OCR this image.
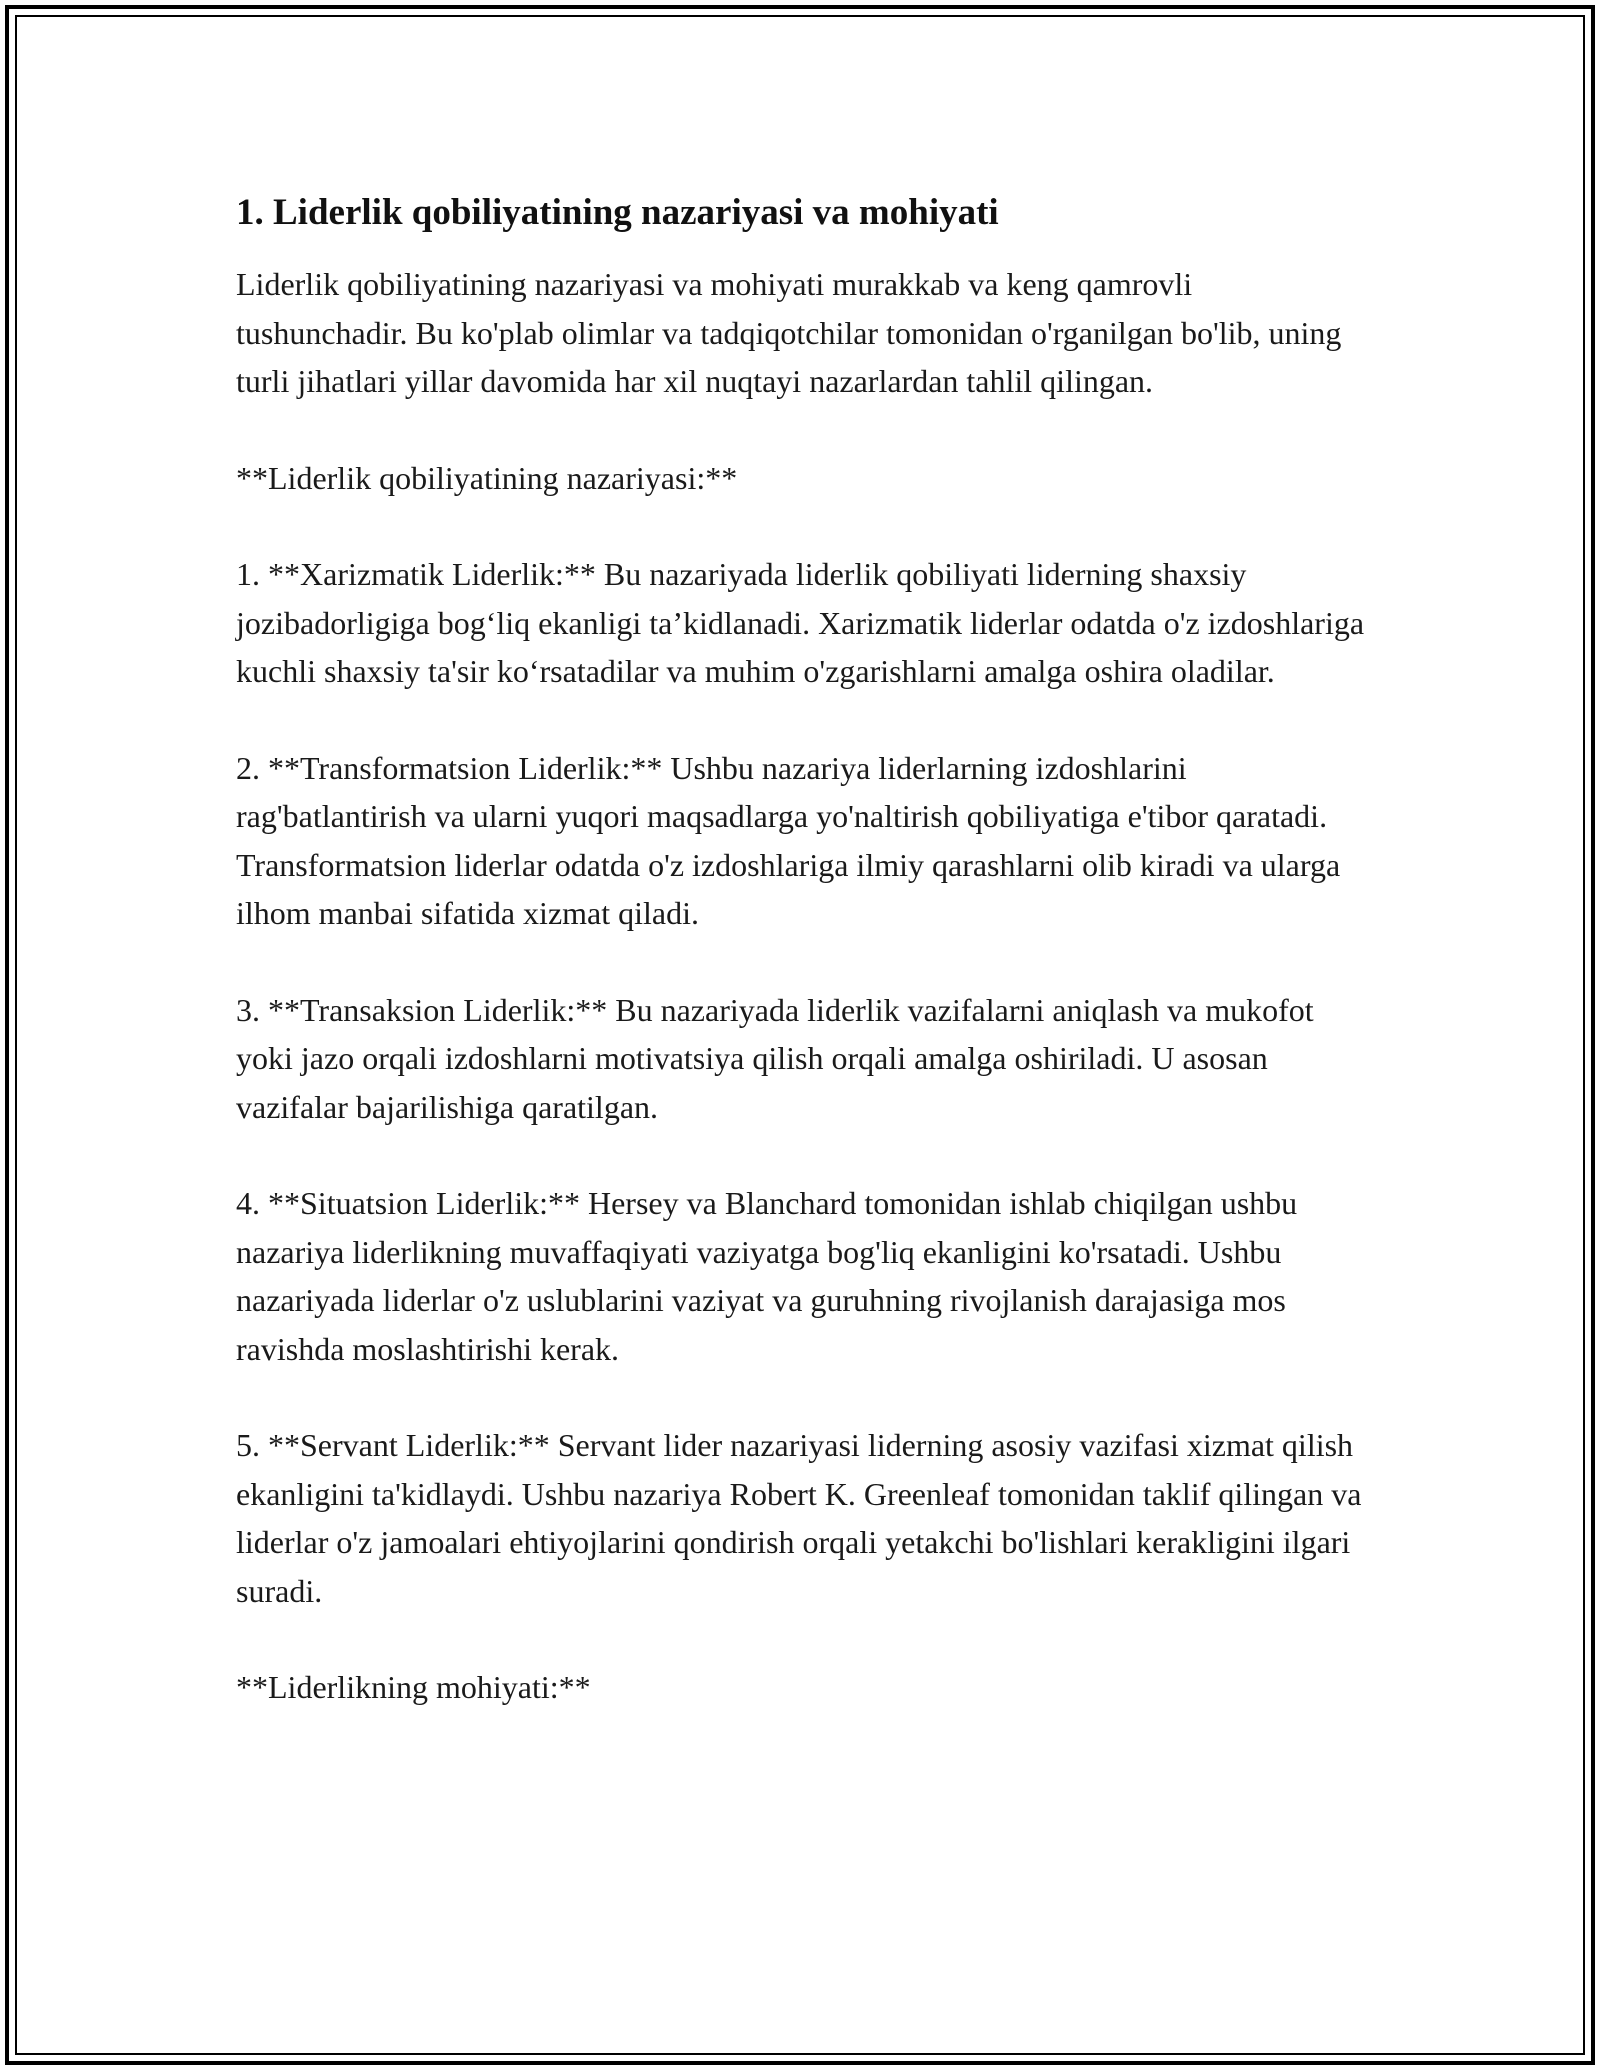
1. Liderlik qobiliyatining nazariyasi va mohiyati

Liderlik qobiliyatining nazariyasi va mohiyati murakkab va keng qamrovli tushunchadir. Bu ko'plab olimlar va tadqiqotchilar tomonidan o'rganilgan bo'lib, uning turli jihatlari yillar davomida har xil nuqtayi nazarlardan tahlil qilingan.

**Liderlik qobiliyatining nazariyasi:**

1. **Xarizmatik Liderlik:** Bu nazariyada liderlik qobiliyati liderning shaxsiy jozibadorligiga bog‘liq ekanligi ta’kidlanadi. Xarizmatik liderlar odatda o'z izdoshlariga kuchli shaxsiy ta'sir ko‘rsatadilar va muhim o'zgarishlarni amalga oshira oladilar.

2. **Transformatsion Liderlik:** Ushbu nazariya liderlarning izdoshlarini rag'batlantirish va ularni yuqori maqsadlarga yo'naltirish qobiliyatiga e'tibor qaratadi. Transformatsion liderlar odatda o'z izdoshlariga ilmiy qarashlarni olib kiradi va ularga ilhom manbai sifatida xizmat qiladi.

3. **Transaksion Liderlik:** Bu nazariyada liderlik vazifalarni aniqlash va mukofot yoki jazo orqali izdoshlarni motivatsiya qilish orqali amalga oshiriladi. U asosan vazifalar bajarilishiga qaratilgan.

4. **Situatsion Liderlik:** Hersey va Blanchard tomonidan ishlab chiqilgan ushbu nazariya liderlikning muvaffaqiyati vaziyatga bog'liq ekanligini ko'rsatadi. Ushbu nazariyada liderlar o'z uslublarini vaziyat va guruhning rivojlanish darajasiga mos ravishda moslashtirishi kerak.

5. **Servant Liderlik:** Servant lider nazariyasi liderning asosiy vazifasi xizmat qilish ekanligini ta'kidlaydi. Ushbu nazariya Robert K. Greenleaf tomonidan taklif qilingan va liderlar o'z jamoalari ehtiyojlarini qondirish orqali yetakchi bo'lishlari kerakligini ilgari suradi.

**Liderlikning mohiyati:**
